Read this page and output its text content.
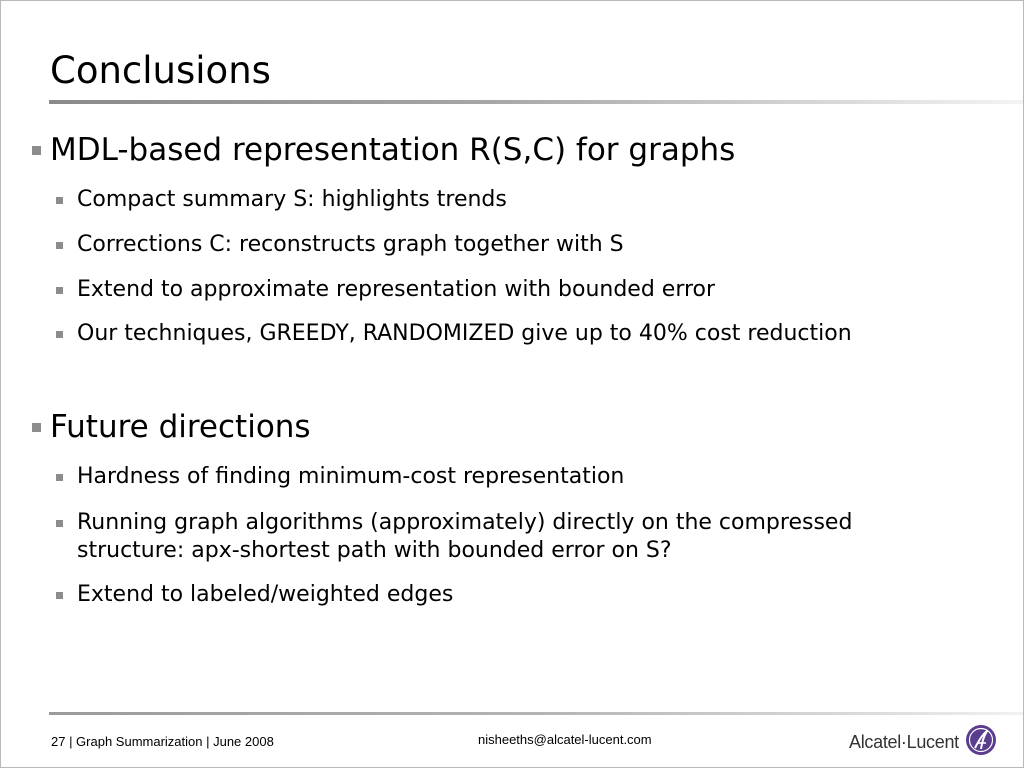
Conclusions
MDL-based representation R(S,C) for graphs
Compact summary S: highlights trends
Corrections C: reconstructs graph together with S
Extend to approximate representation with bounded error
Our techniques, GREEDY, RANDOMIZED give up to 40% cost reduction
Future directions
Hardness of finding minimum-cost representation
Running graph algorithms (approximately) directly on the compressed structure: apx-shortest path with bounded error on S?
Extend to labeled/weighted edges
27 | Graph Summarization | June 2008	nisheeths@alcatel-lucent.com	Alcatel·Lucent
